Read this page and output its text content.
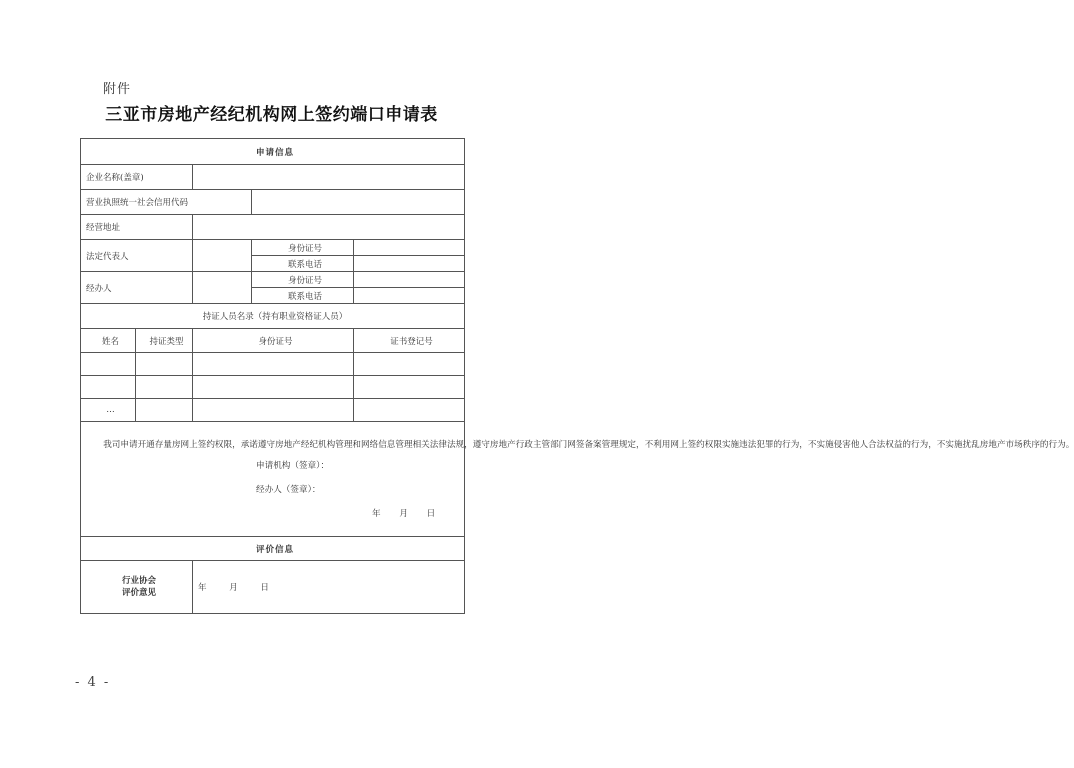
附件
三亚市房地产经纪机构网上签约端口申请表
申请信息					
企业名称(盖章)					
营业执照统一社会信用代码					
经营地址					
法定代表人			身份证号		
			联系电话		
经办人			身份证号		
			联系电话		
持证人员名录（持有职业资格证人员）					
姓名	持证类型	身份证号		证书登记号	

…					

我司申请开通存量房网上签约权限，承诺遵守房地产经纪机构管理和网络信息管理相关法律法规，遵守房地产行政主管部门网签备案管理规定，不利用网上签约权限实施违法犯罪的行为，不实施侵害他人合法权益的行为，不实施扰乱房地产市场秩序的行为。

申请机构（签章）：
经办人（签章）：
年 月 日					

评价信息					
行业协会
评价意见		年 月 日			
- 4 -
